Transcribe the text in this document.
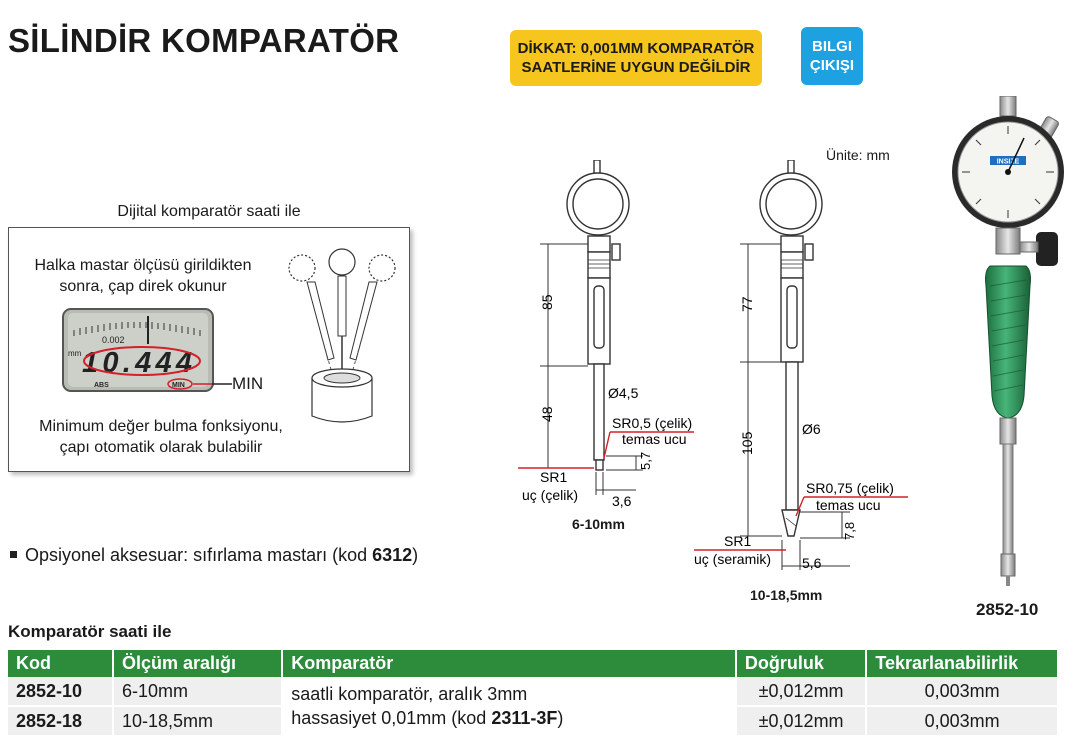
SİLİNDİR KOMPARATÖR	DİKKAT: 0,001MM KOMPARATÖR
SAATLERİNE UYGUN DEĞİLDİR
BILGI
ÇIKIŞI
Dijital komparatör saati ile
Halka mastar ölçüsü girildikten
sonra, çap direk okunur
0.002
mm 10.444
ABS	MIN	MIN
Minimum değer bulma fonksiyonu,
çapı otomatik olarak bulabilir
Opsiyonel aksesuar: sıfırlama mastarı (kod 6312)
Ünite: mm
85
48
Ø4,5
SR0,5 (çelik)
temas ucu
5,7
3,6
SR1
uç (çelik)
6-10mm
77
105
Ø6
SR0,75 (çelik)
temas ucu
7,8
5,6
SR1
uç (seramik)
10-18,5mm
INSIZE
2852-10
Komparatör saati ile
Kod	Ölçüm aralığı	Komparatör	Doğruluk	Tekrarlanabilirlik
2852-10	6-10mm	saatli komparatör, aralık 3mm
hassasiyet 0,01mm (kod 2311-3F)	±0,012mm	0,003mm
2852-18	10-18,5mm		±0,012mm	0,003mm
